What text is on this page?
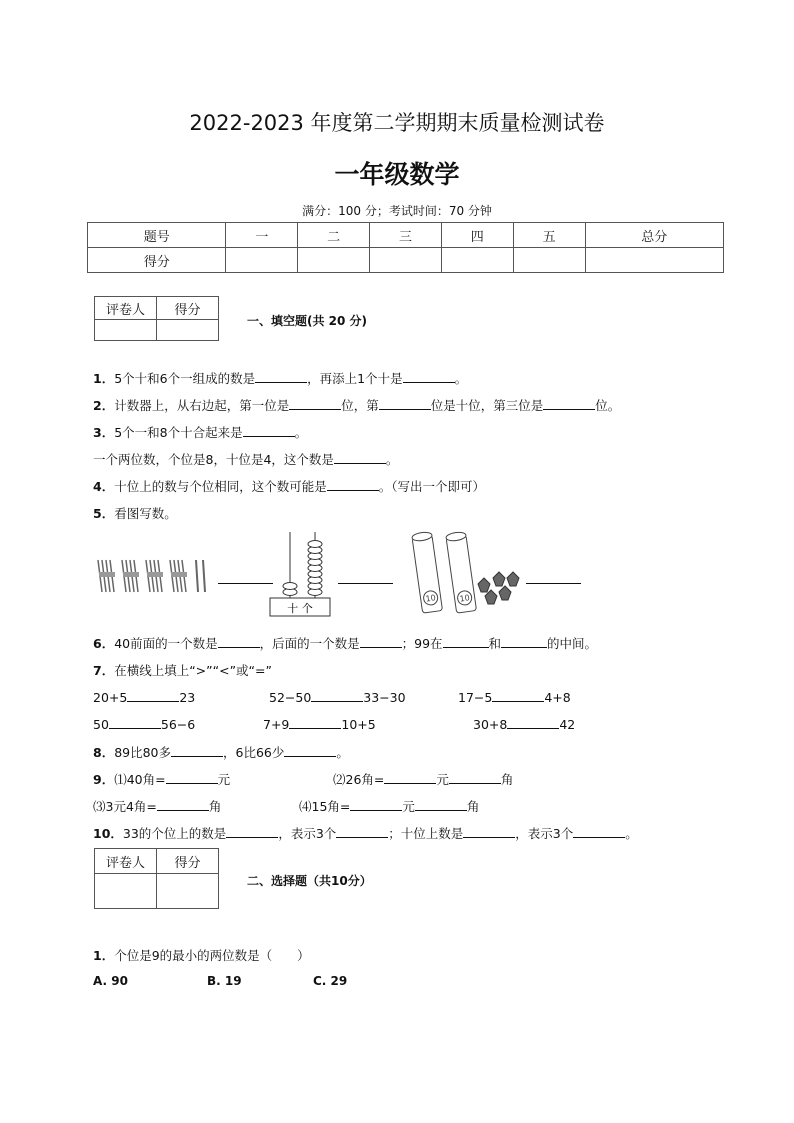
2022-2023 年度第二学期期末质量检测试卷
一年级数学
满分：100 分；考试时间：70 分钟
题号	一	二	三	四	五	总分
得分						
评卷人	得分

一、填空题(共 20 分)
1．5个十和6个一组成的数是	，再添上1个十是	。
2．计数器上，从右边起，第一位是	位，第	位是十位，第三位是	位。
3．5个一和8个十合起来是	。
一个两位数，个位是8，十位是4，这个数是	。
4．十位上的数与个位相同，这个数可能是	。（写出一个即可）
5．看图写数。
十 个
10	10
6．40前面的一个数是	，后面的一个数是	；99在	和	的中间。
7．在横线上填上“>”“<”或“=”
20+5	23	52−50	33−30	17−5	4+8
50	56−6	7+9	10+5	30+8	42
8．89比80多	，6比66少	。
9．⑴40角=	元	⑵26角=	元	角
⑶3元4角=	角	⑷15角=	元	角
10．33的个位上的数是	，表示3个	；十位上数是	，表示3个	。
评卷人	得分

二、选择题（共10分）
1．个位是9的最小的两位数是（　　）
A. 90	B. 19	C. 29
